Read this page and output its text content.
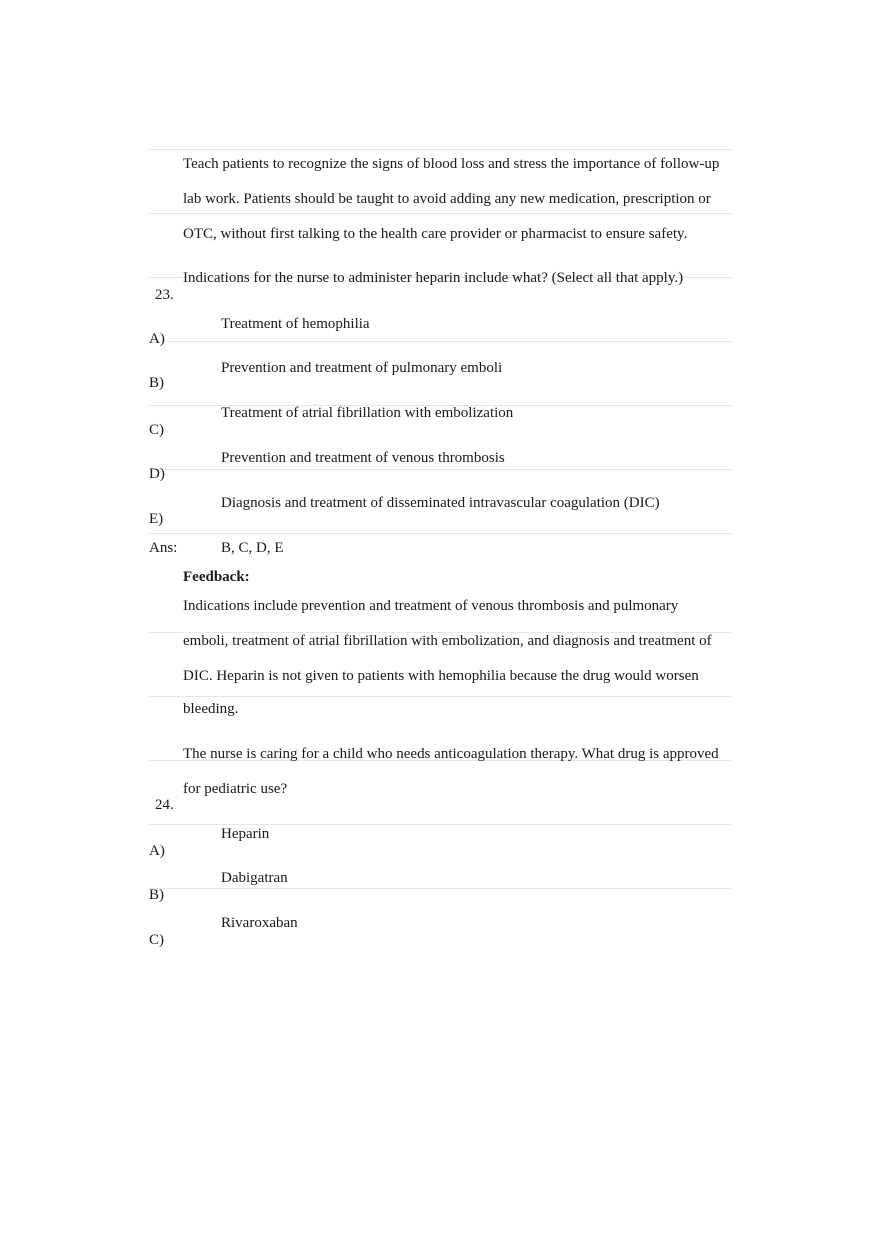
Teach patients to recognize the signs of blood loss and stress the importance of follow-up
lab work. Patients should be taught to avoid adding any new medication, prescription or
OTC, without first talking to the health care provider or pharmacist to ensure safety.
Indications for the nurse to administer heparin include what? (Select all that apply.)
23.
Treatment of hemophilia
A)
Prevention and treatment of pulmonary emboli
B)
Treatment of atrial fibrillation with embolization
C)
Prevention and treatment of venous thrombosis
D)
Diagnosis and treatment of disseminated intravascular coagulation (DIC)
E)
Ans:	B, C, D, E
Feedback:
Indications include prevention and treatment of venous thrombosis and pulmonary
emboli, treatment of atrial fibrillation with embolization, and diagnosis and treatment of
DIC. Heparin is not given to patients with hemophilia because the drug would worsen
bleeding.
The nurse is caring for a child who needs anticoagulation therapy. What drug is approved
for pediatric use?
24.
Heparin
A)
Dabigatran
B)
Rivaroxaban
C)
